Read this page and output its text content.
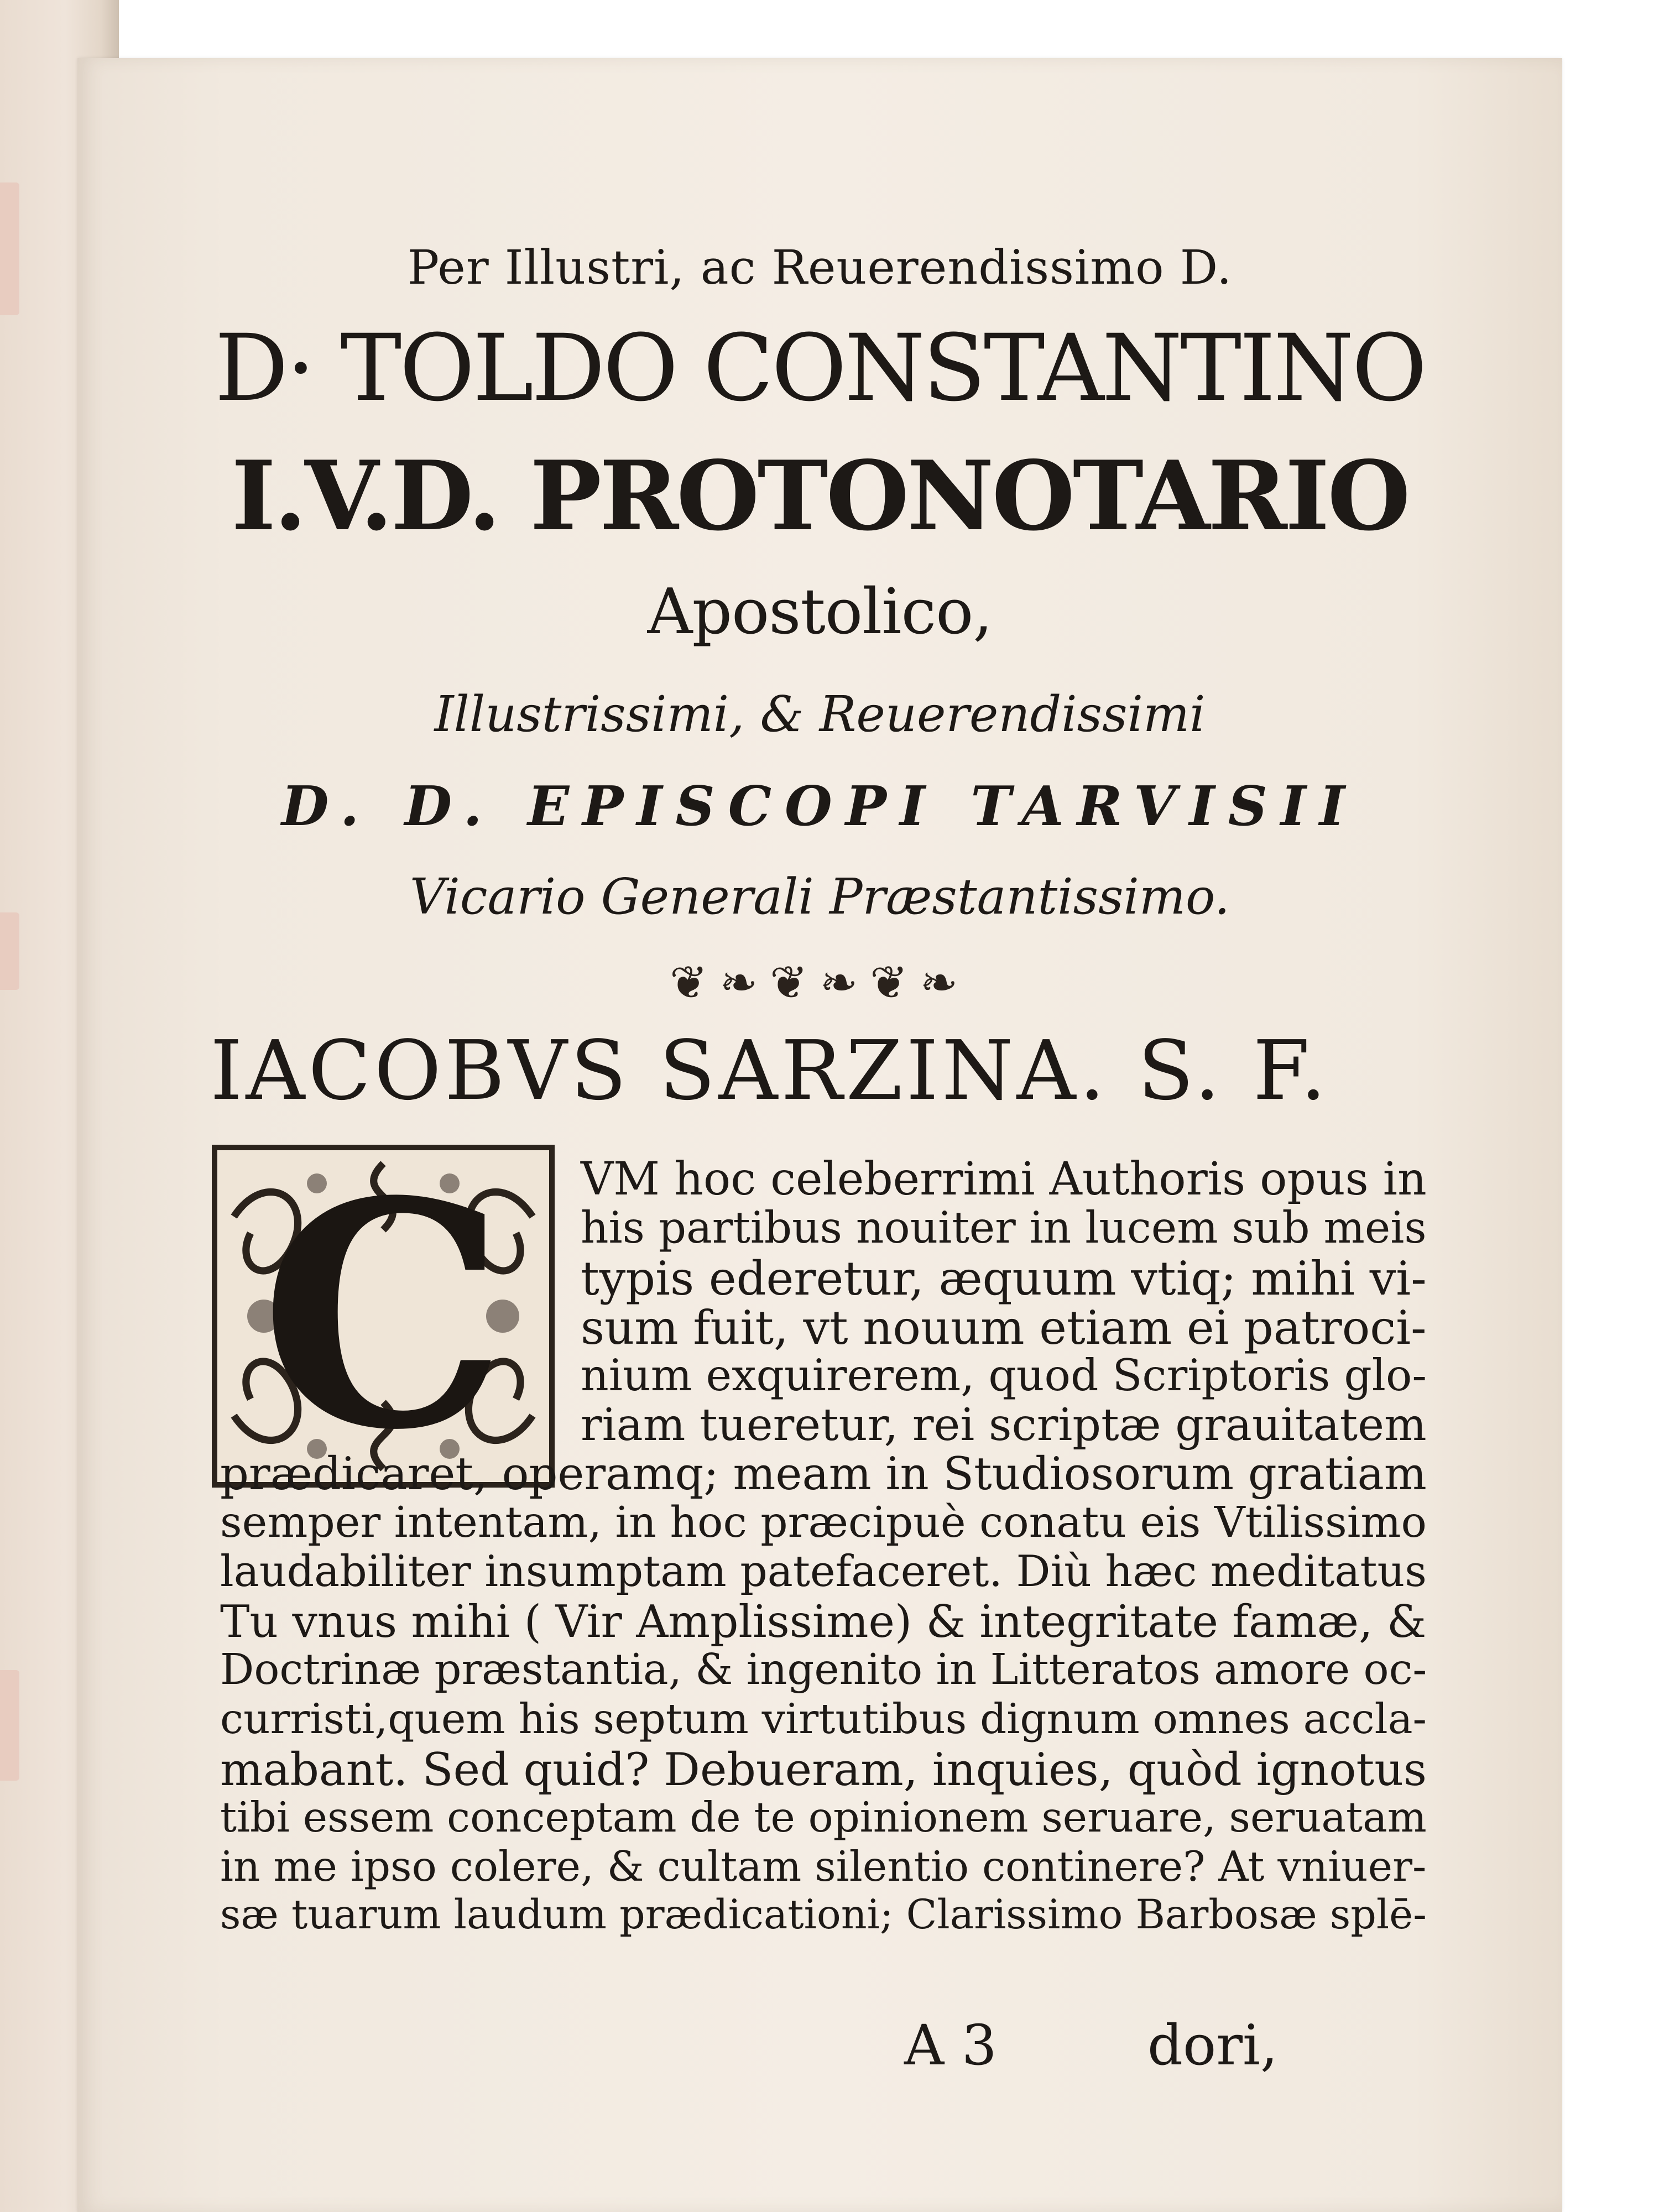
Per Illustri, ac Reuerendissimo D.
D· TOLDO CONSTANTINO
I.V.D. PROTONOTARIO
Apostolico,
Illustrissimi, & Reuerendissimi
D. D. EPISCOPI TARVISII
Vicario Generali Præstantissimo.
❦❧❦❧❦❧
IACOBVS SARZINA. S. F.
C VM hoc celeberrimi Authoris opus in
his partibus nouiter in lucem sub meis
typis ederetur, æquum vtiq; mihi vi-
sum fuit, vt nouum etiam ei patroci-
nium exquirerem, quod Scriptoris glo-
riam tueretur, rei scriptæ grauitatem
prædicaret, operamq; meam in Studiosorum gratiam
semper intentam, in hoc præcipuè conatu eis Vtilissimo
laudabiliter insumptam patefaceret. Diù hæc meditatus
Tu vnus mihi ( Vir Amplissime) & integritate famæ, &
Doctrinæ præstantia, & ingenito in Litteratos amore oc-
curristi,quem his septum virtutibus dignum omnes accla-
mabant. Sed quid? Debueram, inquies, quòd ignotus
tibi essem conceptam de te opinionem seruare, seruatam
in me ipso colere, & cultam silentio continere? At vniuer-
sæ tuarum laudum prædicationi; Clarissimo Barbosæ splē-
A 3	dori,
